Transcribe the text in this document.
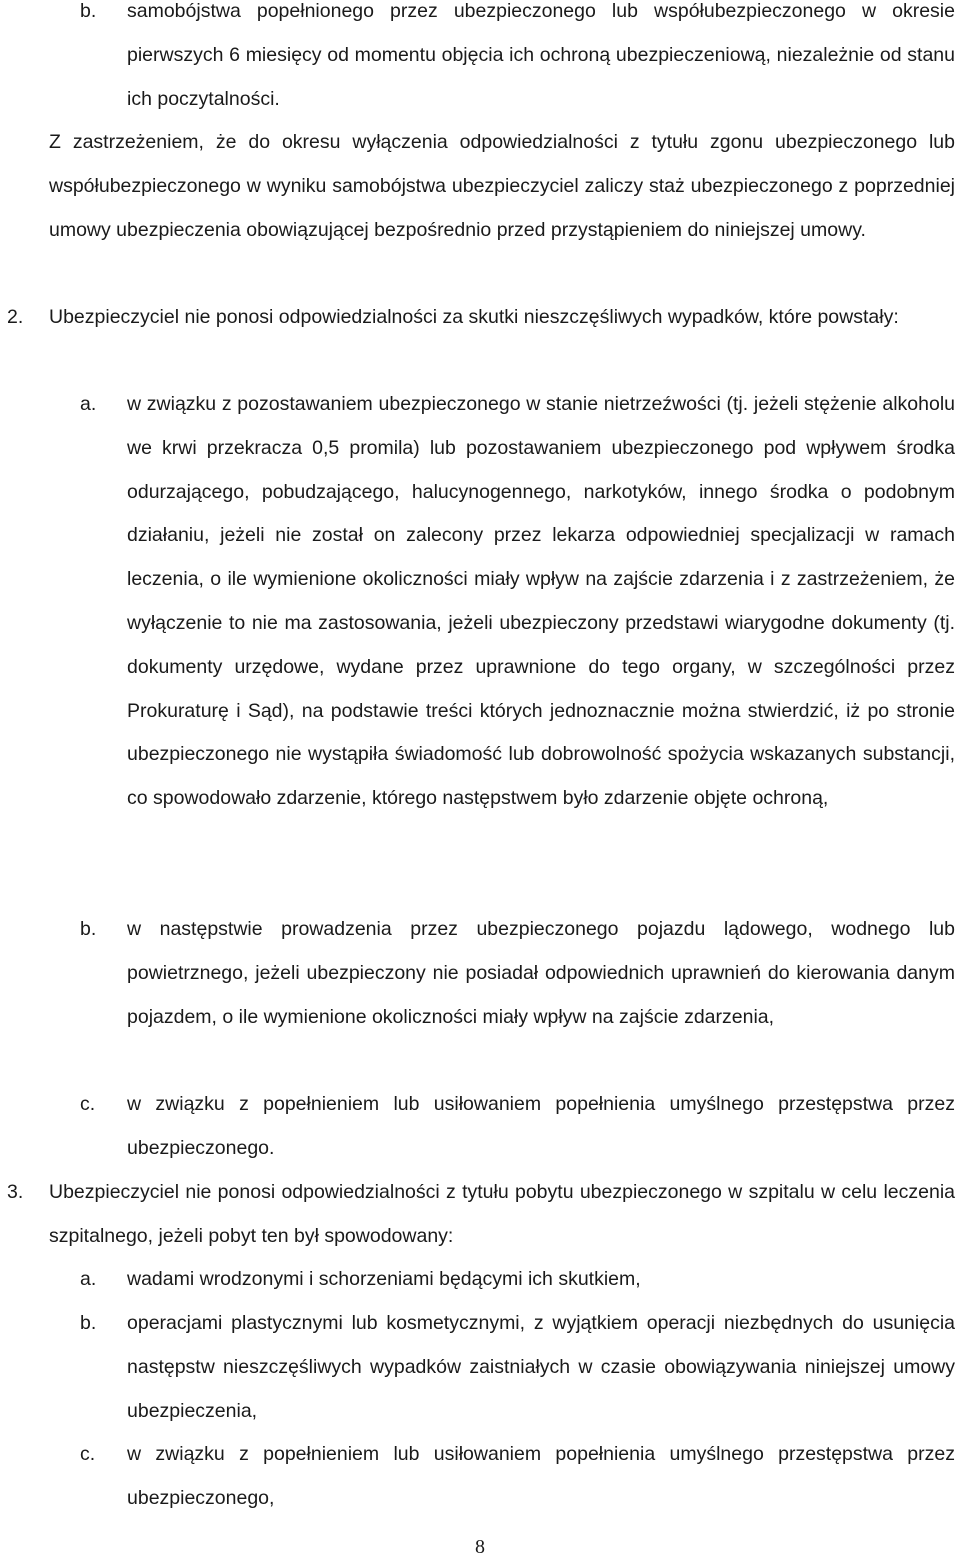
b. samobójstwa popełnionego przez ubezpieczonego lub współubezpieczonego w okresie pierwszych 6 miesięcy od momentu objęcia ich ochroną ubezpieczeniową, niezależnie od stanu ich poczytalności.
Z zastrzeżeniem, że do okresu wyłączenia odpowiedzialności z tytułu zgonu ubezpieczonego lub współubezpieczonego w wyniku samobójstwa ubezpieczyciel zaliczy staż ubezpieczonego z poprzedniej umowy ubezpieczenia obowiązującej bezpośrednio przed przystąpieniem do niniejszej umowy.
2. Ubezpieczyciel nie ponosi odpowiedzialności za skutki nieszczęśliwych wypadków, które powstały:
a. w związku z pozostawaniem ubezpieczonego w stanie nietrzeźwości (tj. jeżeli stężenie alkoholu we krwi przekracza 0,5 promila) lub pozostawaniem ubezpieczonego pod wpływem środka odurzającego, pobudzającego, halucynogennego, narkotyków, innego środka o podobnym działaniu, jeżeli nie został on zalecony przez lekarza odpowiedniej specjalizacji w ramach leczenia, o ile wymienione okoliczności miały wpływ na zajście zdarzenia i z zastrzeżeniem, że wyłączenie to nie ma zastosowania, jeżeli ubezpieczony przedstawi wiarygodne dokumenty (tj. dokumenty urzędowe, wydane przez uprawnione do tego organy, w szczególności przez Prokuraturę i Sąd), na podstawie treści których jednoznacznie można stwierdzić, iż po stronie ubezpieczonego nie wystąpiła świadomość lub dobrowolność spożycia wskazanych substancji, co spowodowało zdarzenie, którego następstwem było zdarzenie objęte ochroną,
b. w następstwie prowadzenia przez ubezpieczonego pojazdu lądowego, wodnego lub powietrznego, jeżeli ubezpieczony nie posiadał odpowiednich uprawnień do kierowania danym pojazdem, o ile wymienione okoliczności miały wpływ na zajście zdarzenia,
c. w związku z popełnieniem lub usiłowaniem popełnienia umyślnego przestępstwa przez ubezpieczonego.
3. Ubezpieczyciel nie ponosi odpowiedzialności z tytułu pobytu ubezpieczonego w szpitalu w celu leczenia szpitalnego, jeżeli pobyt ten był spowodowany:
a. wadami wrodzonymi i schorzeniami będącymi ich skutkiem,
b. operacjami plastycznymi lub kosmetycznymi, z wyjątkiem operacji niezbędnych do usunięcia następstw nieszczęśliwych wypadków zaistniałych w czasie obowiązywania niniejszej umowy ubezpieczenia,
c. w związku z popełnieniem lub usiłowaniem popełnienia umyślnego przestępstwa przez ubezpieczonego,
8
